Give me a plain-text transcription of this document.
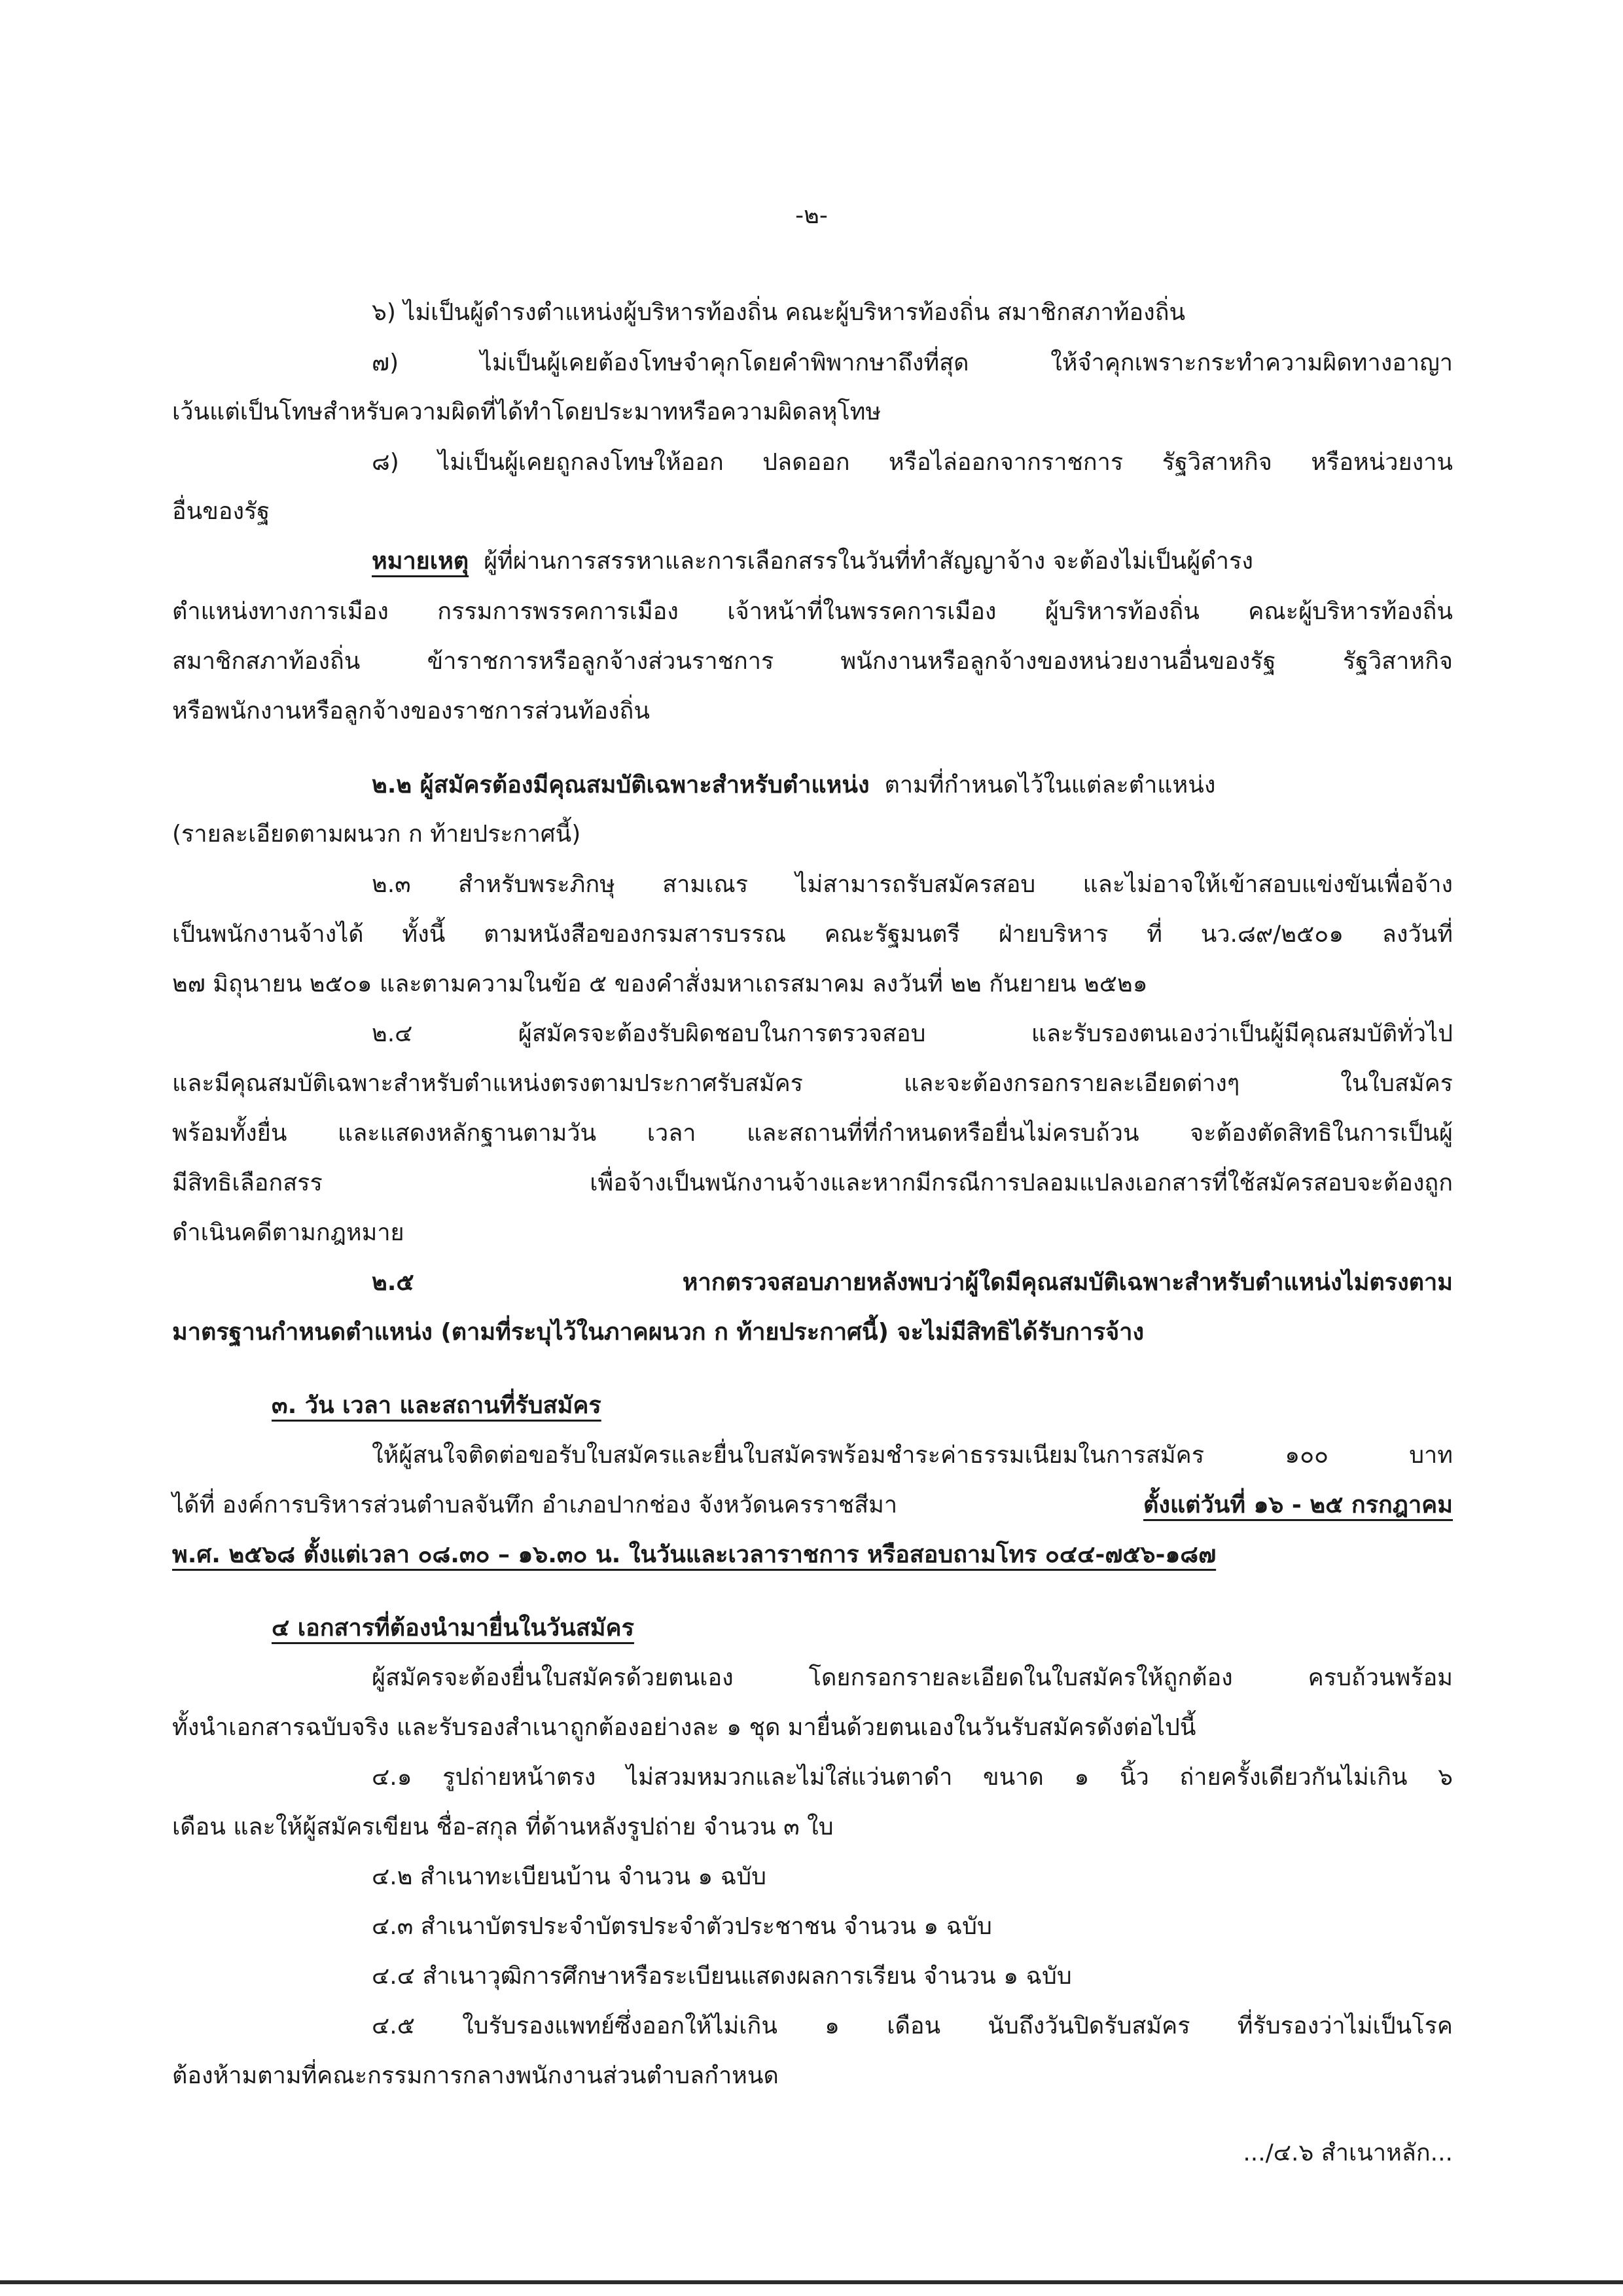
-๒-
๖) ไม่เป็นผู้ดำรงตำแหน่งผู้บริหารท้องถิ่น คณะผู้บริหารท้องถิ่น สมาชิกสภาท้องถิ่น
๗) ไม่เป็นผู้เคยต้องโทษจำคุกโดยคำพิพากษาถึงที่สุด ให้จำคุกเพราะกระทำความผิดทางอาญา
เว้นแต่เป็นโทษสำหรับความผิดที่ได้ทำโดยประมาทหรือความผิดลหุโทษ
๘) ไม่เป็นผู้เคยถูกลงโทษให้ออก ปลดออก หรือไล่ออกจากราชการ รัฐวิสาหกิจ หรือหน่วยงาน
อื่นของรัฐ
หมายเหตุ ผู้ที่ผ่านการสรรหาและการเลือกสรรในวันที่ทำสัญญาจ้าง จะต้องไม่เป็นผู้ดำรง
ตำแหน่งทางการเมือง กรรมการพรรคการเมือง เจ้าหน้าที่ในพรรคการเมือง ผู้บริหารท้องถิ่น คณะผู้บริหารท้องถิ่น
สมาชิกสภาท้องถิ่น ข้าราชการหรือลูกจ้างส่วนราชการ พนักงานหรือลูกจ้างของหน่วยงานอื่นของรัฐ รัฐวิสาหกิจ
หรือพนักงานหรือลูกจ้างของราชการส่วนท้องถิ่น
๒.๒ ผู้สมัครต้องมีคุณสมบัติเฉพาะสำหรับตำแหน่ง ตามที่กำหนดไว้ในแต่ละตำแหน่ง
(รายละเอียดตามผนวก ก ท้ายประกาศนี้)
๒.๓ สำหรับพระภิกษุ สามเณร ไม่สามารถรับสมัครสอบ และไม่อาจให้เข้าสอบแข่งขันเพื่อจ้าง
เป็นพนักงานจ้างได้ ทั้งนี้ ตามหนังสือของกรมสารบรรณ คณะรัฐมนตรี ฝ่ายบริหาร ที่ นว.๘๙/๒๕๐๑ ลงวันที่
๒๗ มิถุนายน ๒๕๐๑ และตามความในข้อ ๕ ของคำสั่งมหาเถรสมาคม ลงวันที่ ๒๒ กันยายน ๒๕๒๑
๒.๔ ผู้สมัครจะต้องรับผิดชอบในการตรวจสอบ และรับรองตนเองว่าเป็นผู้มีคุณสมบัติทั่วไป
และมีคุณสมบัติเฉพาะสำหรับตำแหน่งตรงตามประกาศรับสมัคร และจะต้องกรอกรายละเอียดต่างๆ ในใบสมัคร
พร้อมทั้งยื่น และแสดงหลักฐานตามวัน เวลา และสถานที่ที่กำหนดหรือยื่นไม่ครบถ้วน จะต้องตัดสิทธิในการเป็นผู้
มีสิทธิเลือกสรร เพื่อจ้างเป็นพนักงานจ้างและหากมีกรณีการปลอมแปลงเอกสารที่ใช้สมัครสอบจะต้องถูก
ดำเนินคดีตามกฎหมาย
๒.๕ หากตรวจสอบภายหลังพบว่าผู้ใดมีคุณสมบัติเฉพาะสำหรับตำแหน่งไม่ตรงตาม
มาตรฐานกำหนดตำแหน่ง (ตามที่ระบุไว้ในภาคผนวก ก ท้ายประกาศนี้) จะไม่มีสิทธิได้รับการจ้าง
๓. วัน เวลา และสถานที่รับสมัคร
ให้ผู้สนใจติดต่อขอรับใบสมัครและยื่นใบสมัครพร้อมชำระค่าธรรมเนียมในการสมัคร ๑๐๐ บาท
ได้ที่ องค์การบริหารส่วนตำบลจันทึก อำเภอปากช่อง จังหวัดนครราชสีมา	ตั้งแต่วันที่ ๑๖ - ๒๕ กรกฎาคม
พ.ศ. ๒๕๖๘ ตั้งแต่เวลา ๐๘.๓๐ – ๑๖.๓๐ น. ในวันและเวลาราชการ หรือสอบถามโทร ๐๔๔-๗๕๖-๑๘๗
๔ เอกสารที่ต้องนำมายื่นในวันสมัคร
ผู้สมัครจะต้องยื่นใบสมัครด้วยตนเอง โดยกรอกรายละเอียดในใบสมัครให้ถูกต้อง ครบถ้วนพร้อม
ทั้งนำเอกสารฉบับจริง และรับรองสำเนาถูกต้องอย่างละ ๑ ชุด มายื่นด้วยตนเองในวันรับสมัครดังต่อไปนี้
๔.๑ รูปถ่ายหน้าตรง ไม่สวมหมวกและไม่ใส่แว่นตาดำ ขนาด ๑ นิ้ว ถ่ายครั้งเดียวกันไม่เกิน ๖
เดือน และให้ผู้สมัครเขียน ชื่อ-สกุล ที่ด้านหลังรูปถ่าย จำนวน ๓ ใบ
๔.๒ สำเนาทะเบียนบ้าน จำนวน ๑ ฉบับ
๔.๓ สำเนาบัตรประจำบัตรประจำตัวประชาชน จำนวน ๑ ฉบับ
๔.๔ สำเนาวุฒิการศึกษาหรือระเบียนแสดงผลการเรียน จำนวน ๑ ฉบับ
๔.๕ ใบรับรองแพทย์ซึ่งออกให้ไม่เกิน ๑ เดือน นับถึงวันปิดรับสมัคร ที่รับรองว่าไม่เป็นโรค
ต้องห้ามตามที่คณะกรรมการกลางพนักงานส่วนตำบลกำหนด
.../๔.๖ สำเนาหลัก...
